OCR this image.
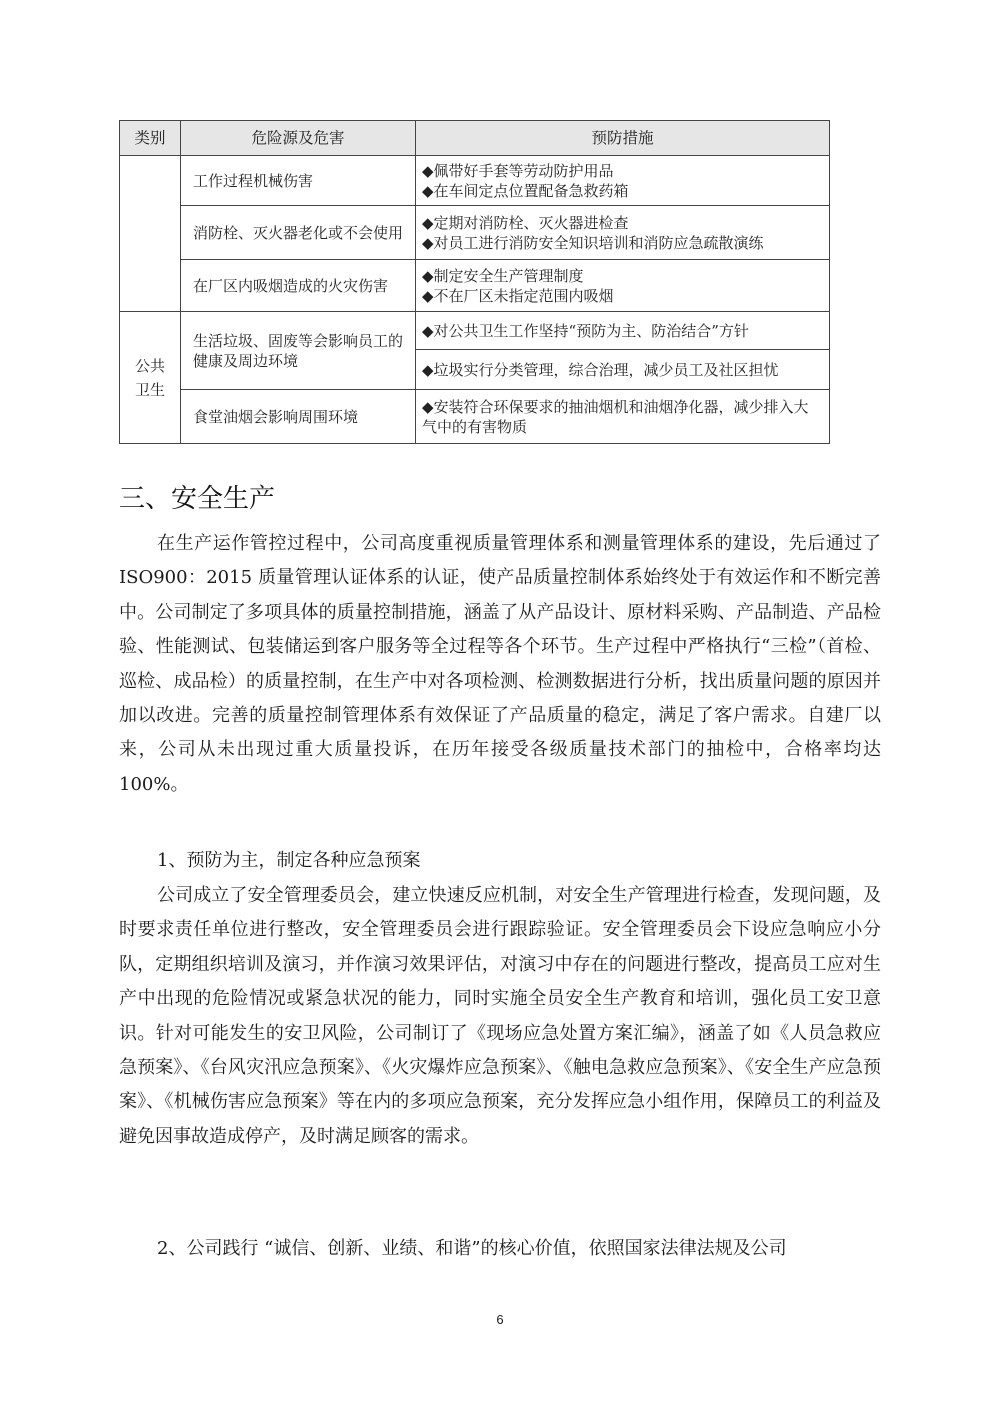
类别	危险源及危害	预防措施
	工作过程机械伤害	◆佩带好手套等劳动防护用品
◆在车间定点位置配备急救药箱

	消防栓、灭火器老化或不会使用	◆定期对消防栓、灭火器进检查
◆对员工进行消防安全知识培训和消防应急疏散演练

	在厂区内吸烟造成的火灾伤害	◆制定安全生产管理制度
◆不在厂区未指定范围内吸烟

公共卫生	生活垃圾、固废等会影响员工的健康及周边环境	◆对公共卫生工作坚持“预防为主、防治结合”方针

		◆垃圾实行分类管理，综合治理，减少员工及社区担忧

	食堂油烟会影响周围环境	◆安装符合环保要求的抽油烟机和油烟净化器，减少排入大气中的有害物质
三、安全生产

在生产运作管控过程中，公司高度重视质量管理体系和测量管理体系的建设，先后通过了 ISO900：2015 质量管理认证体系的认证，使产品质量控制体系始终处于有效运作和不断完善中。公司制定了多项具体的质量控制措施，涵盖了从产品设计、原材料采购、产品制造、产品检验、性能测试、包装储运到客户服务等全过程等各个环节。生产过程中严格执行“三检”（首检、巡检、成品检）的质量控制，在生产中对各项检测、检测数据进行分析，找出质量问题的原因并加以改进。完善的质量控制管理体系有效保证了产品质量的稳定，满足了客户需求。自建厂以来，公司从未出现过重大质量投诉，在历年接受各级质量技术部门的抽检中，合格率均达 100%。

1、预防为主，制定各种应急预案

公司成立了安全管理委员会，建立快速反应机制，对安全生产管理进行检查，发现问题，及时要求责任单位进行整改，安全管理委员会进行跟踪验证。安全管理委员会下设应急响应小分队，定期组织培训及演习，并作演习效果评估，对演习中存在的问题进行整改，提高员工应对生产中出现的危险情况或紧急状况的能力，同时实施全员安全生产教育和培训，强化员工安卫意识。针对可能发生的安卫风险，公司制订了《现场应急处置方案汇编》，涵盖了如《人员急救应急预案》、《台风灾汛应急预案》、《火灾爆炸应急预案》、《触电急救应急预案》、《安全生产应急预案》、《机械伤害应急预案》等在内的多项应急预案，充分发挥应急小组作用，保障员工的利益及避免因事故造成停产，及时满足顾客的需求。

2、公司践行 “诚信、创新、业绩、和谐”的核心价值，依照国家法律法规及公司
6
